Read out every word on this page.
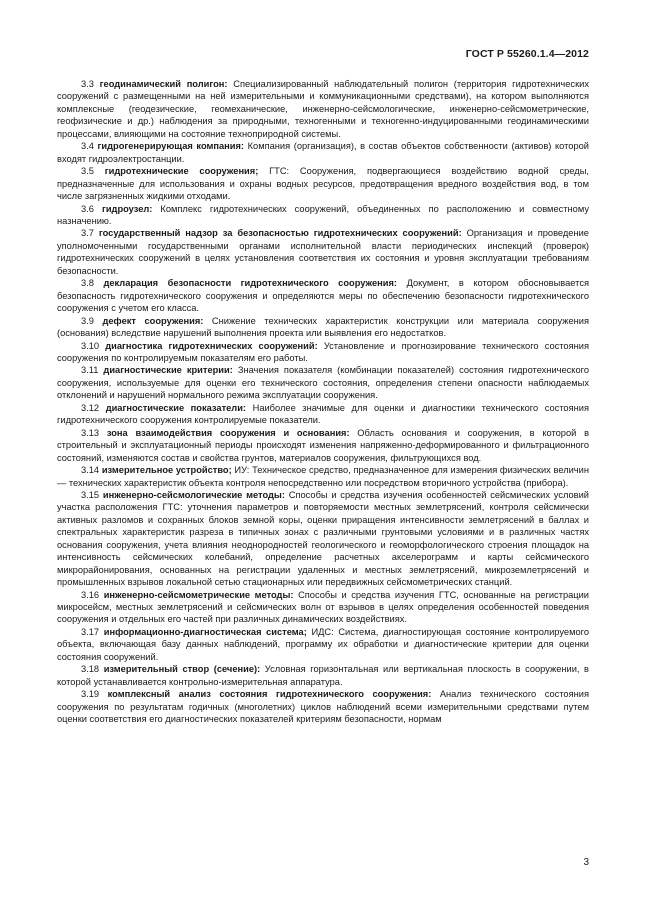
ГОСТ Р 55260.1.4—2012

3.3 геодинамический полигон: Специализированный наблюдательный полигон (территория гидротехнических сооружений с размещенными на ней измерительными и коммуникационными средствами), на котором выполняются комплексные (геодезические, геомеханические, инженерно-сейсмологические, инженерно-сейсмометрические, геофизические и др.) наблюдения за природными, техногенными и техногенно-индуцированными геодинамическими процессами, влияющими на состояние техноприродной системы.

3.4 гидрогенерирующая компания: Компания (организация), в состав объектов собственности (активов) которой входят гидроэлектростанции.

3.5 гидротехнические сооружения; ГТС: Сооружения, подвергающиеся воздействию водной среды, предназначенные для использования и охраны водных ресурсов, предотвращения вредного воздействия вод, в том числе загрязненных жидкими отходами.

3.6 гидроузел: Комплекс гидротехнических сооружений, объединенных по расположению и совместному назначению.

3.7 государственный надзор за безопасностью гидротехнических сооружений: Организация и проведение уполномоченными государственными органами исполнительной власти периодических инспекций (проверок) гидротехнических сооружений в целях установления соответствия их состояния и уровня эксплуатации требованиям безопасности.

3.8 декларация безопасности гидротехнического сооружения: Документ, в котором обосновывается безопасность гидротехнического сооружения и определяются меры по обеспечению безопасности гидротехнического сооружения с учетом его класса.

3.9 дефект сооружения: Снижение технических характеристик конструкции или материала сооружения (основания) вследствие нарушений выполнения проекта или выявления его недостатков.

3.10 диагностика гидротехнических сооружений: Установление и прогнозирование технического состояния сооружения по контролируемым показателям его работы.

3.11 диагностические критерии: Значения показателя (комбинации показателей) состояния гидротехнического сооружения, используемые для оценки его технического состояния, определения степени опасности наблюдаемых отклонений и нарушений нормального режима эксплуатации сооружения.

3.12 диагностические показатели: Наиболее значимые для оценки и диагностики технического состояния гидротехнического сооружения контролируемые показатели.

3.13 зона взаимодействия сооружения и основания: Область основания и сооружения, в которой в строительный и эксплуатационный периоды происходят изменения напряженно-деформированного и фильтрационного состояний, изменяются состав и свойства грунтов, материалов сооружения, фильтрующихся вод.

3.14 измерительное устройство; ИУ: Техническое средство, предназначенное для измерения физических величин — технических характеристик объекта контроля непосредственно или посредством вторичного устройства (прибора).

3.15 инженерно-сейсмологические методы: Способы и средства изучения особенностей сейсмических условий участка расположения ГТС: уточнения параметров и повторяемости местных землетрясений, контроля сейсмически активных разломов и сохранных блоков земной коры, оценки приращения интенсивности землетрясений в баллах и спектральных характеристик разреза в типичных зонах с различными грунтовыми условиями и в различных частях основания сооружения, учета влияния неоднородностей геологического и геоморфологического строения площадок на интенсивность сейсмических колебаний, определение расчетных акселерограмм и карты сейсмического микрорайонирования, основанных на регистрации удаленных и местных землетрясений, микроземлетрясений и промышленных взрывов локальной сетью стационарных или передвижных сейсмометрических станций.

3.16 инженерно-сейсмометрические методы: Способы и средства изучения ГТС, основанные на регистрации микросейсм, местных землетрясений и сейсмических волн от взрывов в целях определения особенностей поведения сооружения и отдельных его частей при различных динамических воздействиях.

3.17 информационно-диагностическая система; ИДС: Система, диагностирующая состояние контролируемого объекта, включающая базу данных наблюдений, программу их обработки и диагностические критерии для оценки состояния сооружений.

3.18 измерительный створ (сечение): Условная горизонтальная или вертикальная плоскость в сооружении, в которой устанавливается контрольно-измерительная аппаратура.

3.19 комплексный анализ состояния гидротехнического сооружения: Анализ технического состояния сооружения по результатам годичных (многолетних) циклов наблюдений всеми измерительными средствами путем оценки соответствия его диагностических показателей критериям безопасности, нормам

3
